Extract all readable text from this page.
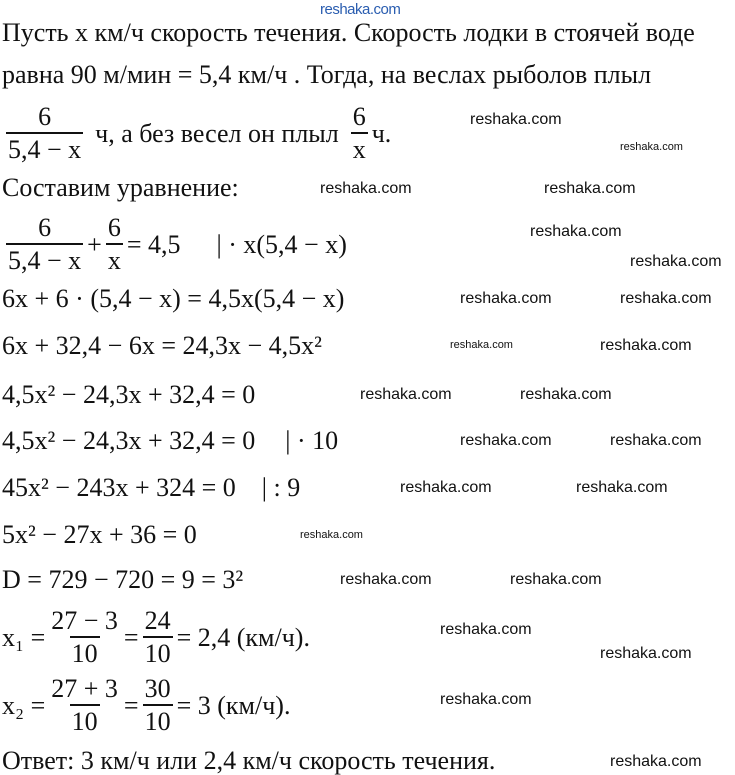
Пусть x км/ч скорость течения. Скорость лодки в стоячей воде
равна 90 м/мин = 5,4 км/ч . Тогда, на веслах рыболов плыл
$\frac{6}{5,4 - x} ч$, а без весел он плыл $\frac{6}{x} ч$.
Составим уравнение:
$\frac{6}{5,4 - x} + \frac{6}{x} = 4,5$ | · x(5,4 − x)
6x + 6 · (5,4 − x) = 4,5x(5,4 − x)
6x + 32,4 − 6x = 24,3x − 4,5x²
4,5x² − 24,3x + 32,4 = 0
4,5x² − 24,3x + 32,4 = 0 | · 10
45x² − 243x + 324 = 0 | : 9
5x² − 27x + 36 = 0
D = 729 − 720 = 9 = 3²
$x_1 = \frac{27 - 3}{10} = \frac{24}{10} = 2,4$ (км/ч).
$x_2 = \frac{27 + 3}{10} = \frac{30}{10} = 3$ (км/ч).
Ответ: 3 км/ч или 2,4 км/ч скорость течения.
reshaka.com
reshaka.com
reshaka.com
reshaka.com	reshaka.com
reshaka.com
reshaka.com
reshaka.com	reshaka.com
reshaka.com	reshaka.com
reshaka.com	reshaka.com
reshaka.com	reshaka.com
reshaka.com	reshaka.com
reshaka.com
reshaka.com	reshaka.com
reshaka.com
reshaka.com
reshaka.com
reshaka.com
